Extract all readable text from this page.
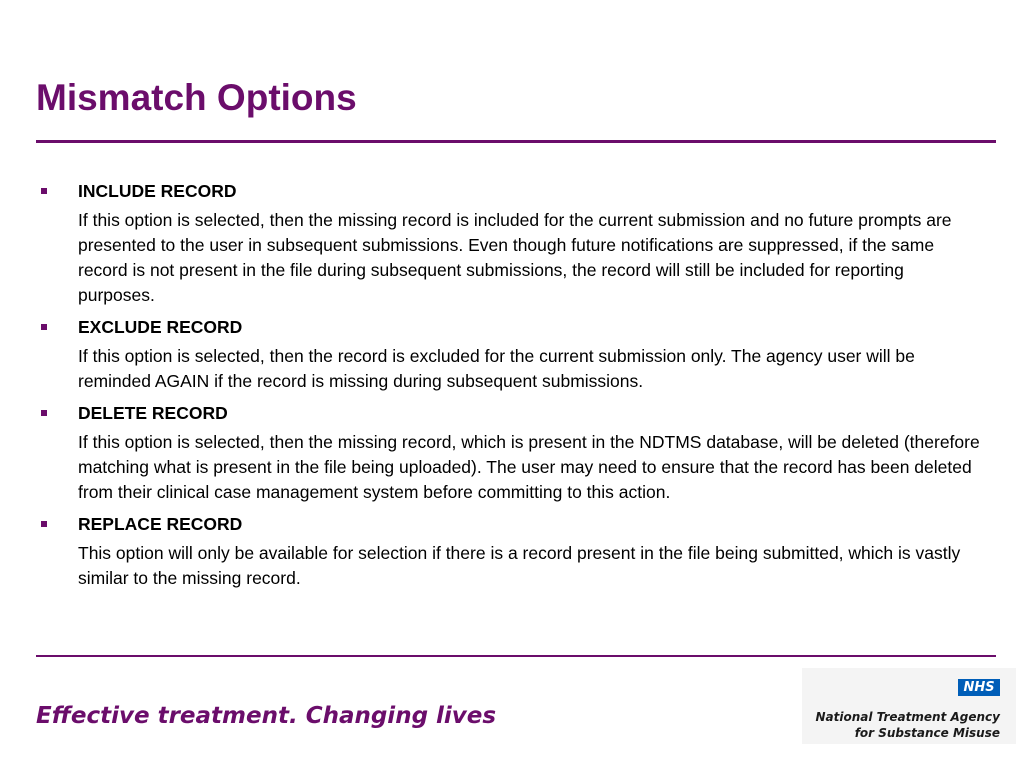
Mismatch Options
INCLUDE RECORD

If this option is selected, then the missing record is included for the current submission and no future prompts are presented to the user in subsequent submissions. Even though future notifications are suppressed, if the same record is not present in the file during subsequent submissions, the record will still be included for reporting purposes.

EXCLUDE RECORD

If this option is selected, then the record is excluded for the current submission only. The agency user will be reminded AGAIN if the record is missing during subsequent submissions.

DELETE RECORD

If this option is selected, then the missing record, which is present in the NDTMS database, will be deleted (therefore matching what is present in the file being uploaded). The user may need to ensure that the record has been deleted from their clinical case management system before committing to this action.

REPLACE RECORD

This option will only be available for selection if there is a record present in the file being submitted, which is vastly similar to the missing record.

Effective treatment. Changing lives

NHS
National Treatment Agency
for Substance Misuse
